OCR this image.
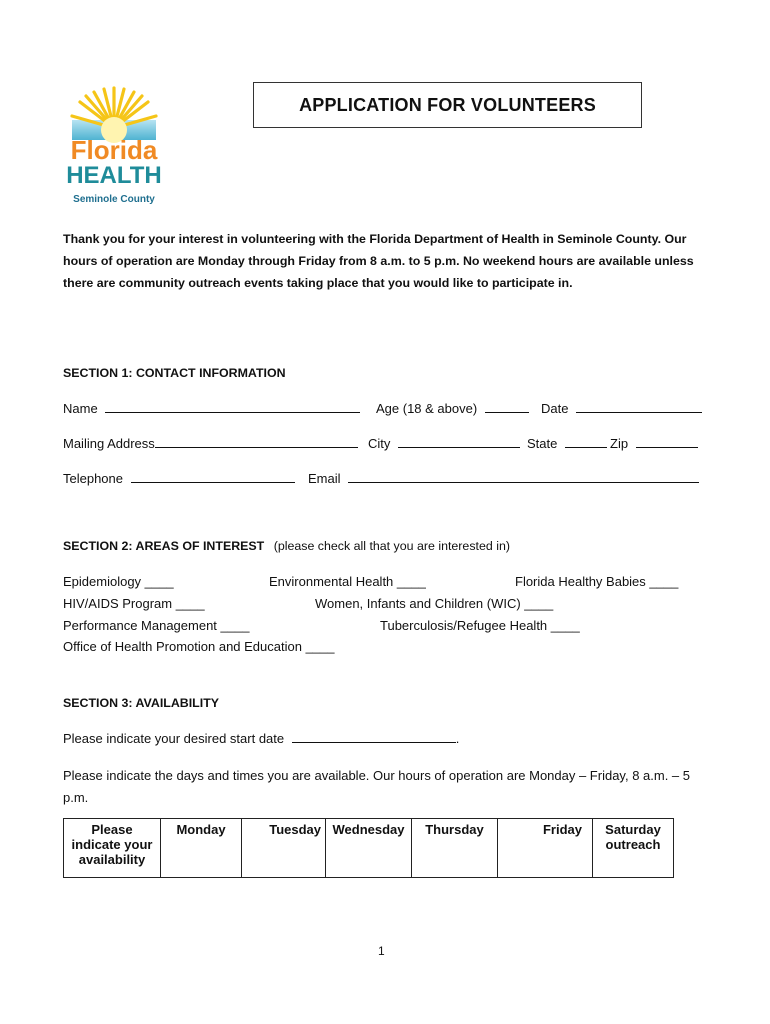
Florida
HEALTH
Seminole County
APPLICATION FOR VOLUNTEERS
Thank you for your interest in volunteering with the Florida Department of Health in Seminole County. Our hours of operation are Monday through Friday from 8 a.m. to 5 p.m. No weekend hours are available unless there are community outreach events taking place that you would like to participate in.
SECTION 1: CONTACT INFORMATION
Name	Age (18 & above)	Date
Mailing Address	City	State	Zip
Telephone	Email
SECTION 2: AREAS OF INTEREST (please check all that you are interested in)
Epidemiology ____	Environmental Health ____	Florida Healthy Babies ____
HIV/AIDS Program ____	Women, Infants and Children (WIC) ____
Performance Management ____	Tuberculosis/Refugee Health ____
Office of Health Promotion and Education ____
SECTION 3: AVAILABILITY
Please indicate your desired start date	.
Please indicate the days and times you are available. Our hours of operation are Monday – Friday, 8 a.m. – 5 p.m.
Please indicate your availability	Monday	Tuesday	Wednesday	Thursday	Friday	Saturday outreach
1
